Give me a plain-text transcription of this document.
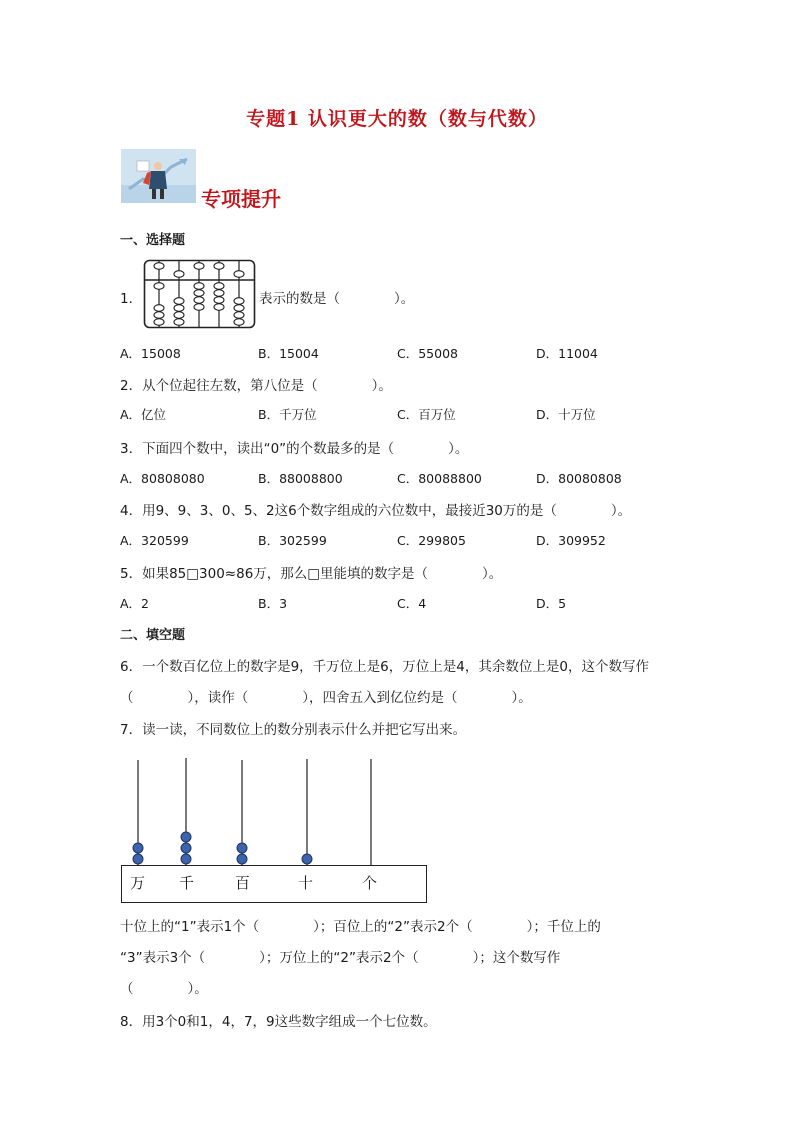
专题1 认识更大的数（数与代数）
专项提升
一、选择题
1．	表示的数是（　　　　）。
A．15008	B．15004	C．55008	D．11004
2．从个位起往左数，第八位是（　　　　）。
A．亿位	B．千万位	C．百万位	D．十万位
3．下面四个数中，读出“0”的个数最多的是（　　　　）。
A．80808080	B．88008800	C．80088800	D．80080808
4．用9、9、3、0、5、2这6个数字组成的六位数中，最接近30万的是（　　　　）。
A．320599	B．302599	C．299805	D．309952
5．如果85□300≈86万，那么□里能填的数字是（　　　　）。
A．2	B．3	C．4	D．5
二、填空题
6．一个数百亿位上的数字是9，千万位上是6，万位上是4，其余数位上是0，这个数写作
（　　　　），读作（　　　　），四舍五入到亿位约是（　　　　）。
7．读一读，不同数位上的数分别表示什么并把它写出来。
万 千	百	十	个
十位上的“1”表示1个（　　　　）；百位上的“2”表示2个（　　　　）；千位上的
“3”表示3个（　　　　）；万位上的“2”表示2个（　　　　）；这个数写作
（　　　　）。
8．用3个0和1，4，7，9这些数字组成一个七位数。
